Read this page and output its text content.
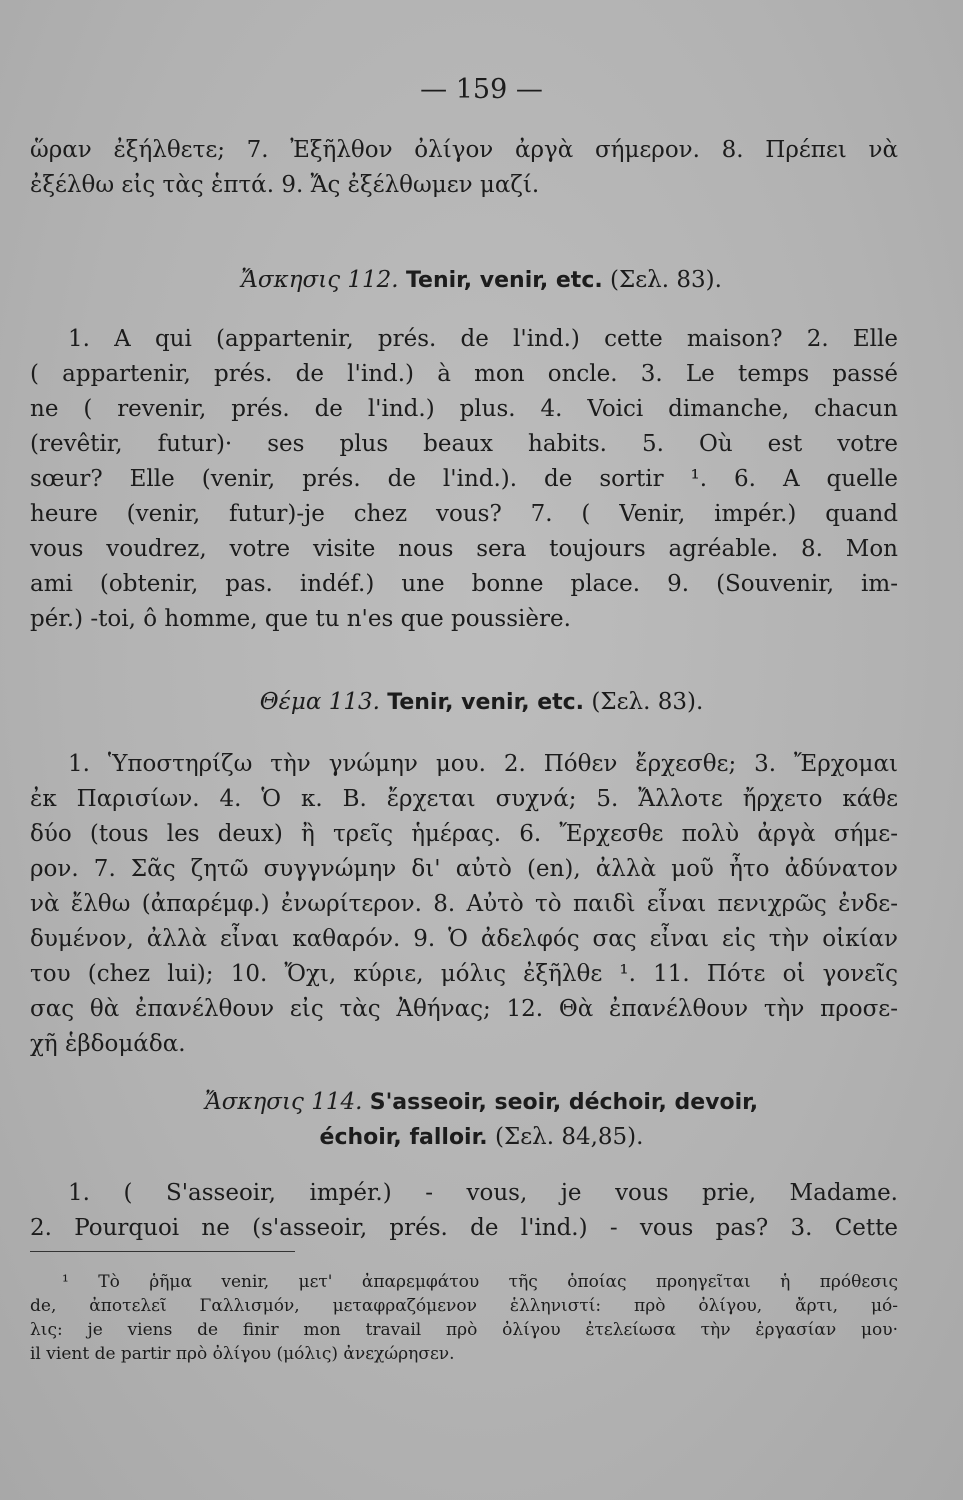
— 159 —
ὥραν ἐξήλθετε; 7. Ἐξῆλθον ὀλίγον ἀργὰ σήμερον. 8. Πρέπει νὰ
ἐξέλθω εἰς τὰς ἑπτά. 9. Ἄς ἐξέλθωμεν μαζί.
Ἄσκησις 112. Tenir, venir, etc. (Σελ. 83).
1. A qui (appartenir, prés. de l'ind.) cette maison? 2. Elle
( appartenir, prés. de l'ind.) à mon oncle. 3. Le temps passé
ne ( revenir, prés. de l'ind.) plus. 4. Voici dimanche, chacun
(revêtir, futur)· ses plus beaux habits. 5. Où est votre
sœur? Elle (venir, prés. de l'ind.). de sortir ¹. 6. A quelle
heure (venir, futur)-je chez vous? 7. ( Venir, impér.) quand
vous voudrez, votre visite nous sera toujours agréable. 8. Mon
ami (obtenir, pas. indéf.) une bonne place. 9. (Souvenir, im-
pér.) -toi, ô homme, que tu n'es que poussière.
Θέμα 113. Tenir, venir, etc. (Σελ. 83).
1. Ὑποστηρίζω τὴν γνώμην μου. 2. Πόθεν ἔρχεσθε; 3. Ἔρχομαι
ἐκ Παρισίων. 4. Ὁ κ. Β. ἔρχεται συχνά; 5. Ἄλλοτε ἤρχετο κάθε
δύο (tous les deux) ἢ τρεῖς ἡμέρας. 6. Ἔρχεσθε πολὺ ἀργὰ σήμε-
ρον. 7. Σᾶς ζητῶ συγγνώμην δι' αὐτὸ (en), ἀλλὰ μοῦ ἦτο ἀδύνατον
νὰ ἔλθω (ἀπαρέμφ.) ἐνωρίτερον. 8. Αὐτὸ τὸ παιδὶ εἶναι πενιχρῶς ἐνδε-
δυμένον, ἀλλὰ εἶναι καθαρόν. 9. Ὁ ἀδελφός σας εἶναι εἰς τὴν οἰκίαν
του (chez lui); 10. Ὄχι, κύριε, μόλις ἐξῆλθε ¹. 11. Πότε οἱ γονεῖς
σας θὰ ἐπανέλθουν εἰς τὰς Ἀθήνας; 12. Θὰ ἐπανέλθουν τὴν προσε-
χῆ ἑβδομάδα.
Ἄσκησις 114. S'asseoir, seoir, déchoir, devoir,
échoir, falloir. (Σελ. 84,85).
1. ( S'asseoir, impér.) - vous, je vous prie, Madame.
2. Pourquoi ne (s'asseoir, prés. de l'ind.) - vous pas? 3. Cette
¹ Τὸ ῥῆμα venir, μετ' ἀπαρεμφάτου τῆς ὁποίας προηγεῖται ἡ πρόθεσις
de, ἀποτελεῖ Γαλλισμόν, μεταφραζόμενον ἑλληνιστί: πρὸ ὀλίγου, ἄρτι, μό-
λις: je viens de finir mon travail πρὸ ὀλίγου ἐτελείωσα τὴν ἐργασίαν μου·
il vient de partir πρὸ ὀλίγου (μόλις) ἀνεχώρησεν.
